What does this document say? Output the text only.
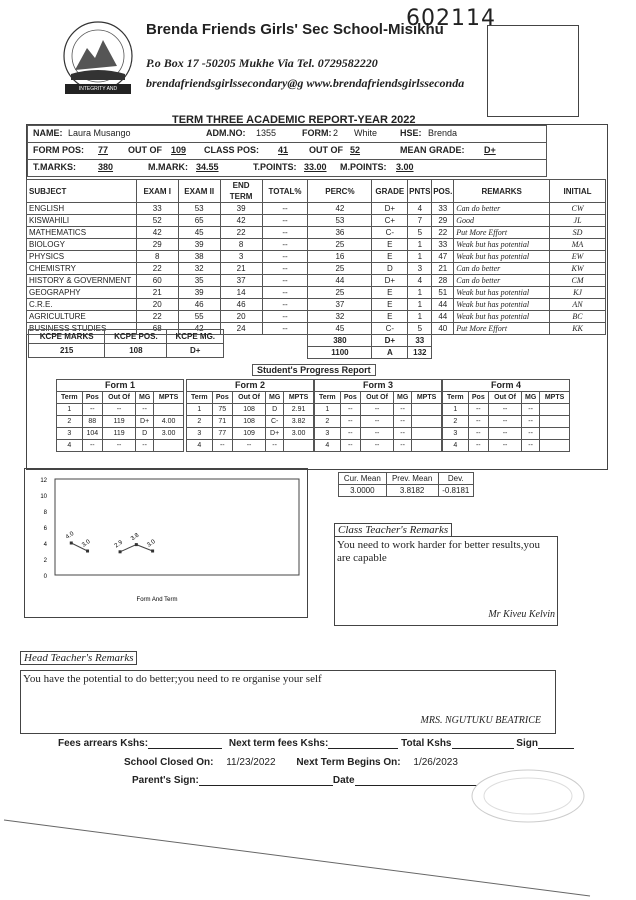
INTEGRITY AND STRENGTH
Brenda Friends Girls' Sec School-Misikhu
602114
P.o Box 17 -50205 Mukhe Via Tel. 0729582220
brendafriendsgirlssecondary@g www.brendafriendsgirlsseconda
TERM THREE ACADEMIC REPORT-YEAR 2022
NAME: Laura Musango	ADM.NO: 1355	FORM: 2 White	HSE: Brenda
FORM POS: 77 OUT OF 109 CLASS POS: 41 OUT OF 52	MEAN GRADE: D+
T.MARKS: 380	M.MARK: 34.55	T.POINTS: 33.00 M.POINTS: 3.00
SUBJECT	EXAM I	EXAM II	END TERM	TOTAL%	PERC%	GRADE	PNTS	POS.	REMARKS	INITIAL
ENGLISH	33	53	39	--	42	D+	4	33	Can do better	CW
KISWAHILI	52	65	42	--	53	C+	7	29	Good	JL
MATHEMATICS	42	45	22	--	36	C-	5	22	Put More Effort	SD
BIOLOGY	29	39	8	--	25	E	1	33	Weak but has potential	MA
PHYSICS	8	38	3	--	16	E	1	47	Weak but has potential	EW
CHEMISTRY	22	32	21	--	25	D	3	21	Can do better	KW
HISTORY & GOVERNMENT	60	35	37	--	44	D+	4	28	Can do better	CM
GEOGRAPHY	21	39	14	--	25	E	1	51	Weak but has potential	KJ
C.R.E.	20	46	46	--	37	E	1	44	Weak but has potential	AN
AGRICULTURE	22	55	20	--	32	E	1	44	Weak but has potential	BC
BUSINESS STUDIES	68	42	24	--	45	C-	5	40	Put More Effort	KK
					380	D+	33			
					1100	A	132			
KCPE MARKS	KCPE POS.	KCPE MG.
215	108	D+
Student's Progress Report
Form 1				
Term	Pos	Out Of	MG	MPTS
1	--	--	--	
2	88	119	D+	4.00
3	104	119	D	3.00
4	--	--	--	
Form 2				
Term	Pos	Out Of	MG	MPTS
1	75	108	D	2.91
2	71	108	C-	3.82
3	77	109	D+	3.00
4	--	--	--	
Form 3				
Term	Pos	Out Of	MG	MPTS
1	--	--	--	
2	--	--	--	
3	--	--	--	
4	--	--	--	
Form 4				
Term	Pos	Out Of	MG	MPTS
1	--	--	--	
2	--	--	--	
3	--	--	--	
4	--	--	--	
0
2
4
6
8
10
12
Form And Term
4.0
3.0	2.9
3.8
3.0
Cur. Mean	Prev. Mean	Dev.
3.0000	3.8182	-0.8181
You need to work harder for better results,you are capable
Mr Kiveu Kelvin
Class Teacher's Remarks
You have the potential to do better;you need to re organise your self
MRS. NGUTUKU BEATRICE
Head Teacher's Remarks
Fees arrears Kshs:	Next term fees Kshs:	Total Kshs	Sign
School Closed On: 11/23/2022 Next Term Begins On: 1/26/2023
Parent's Sign:	Date
